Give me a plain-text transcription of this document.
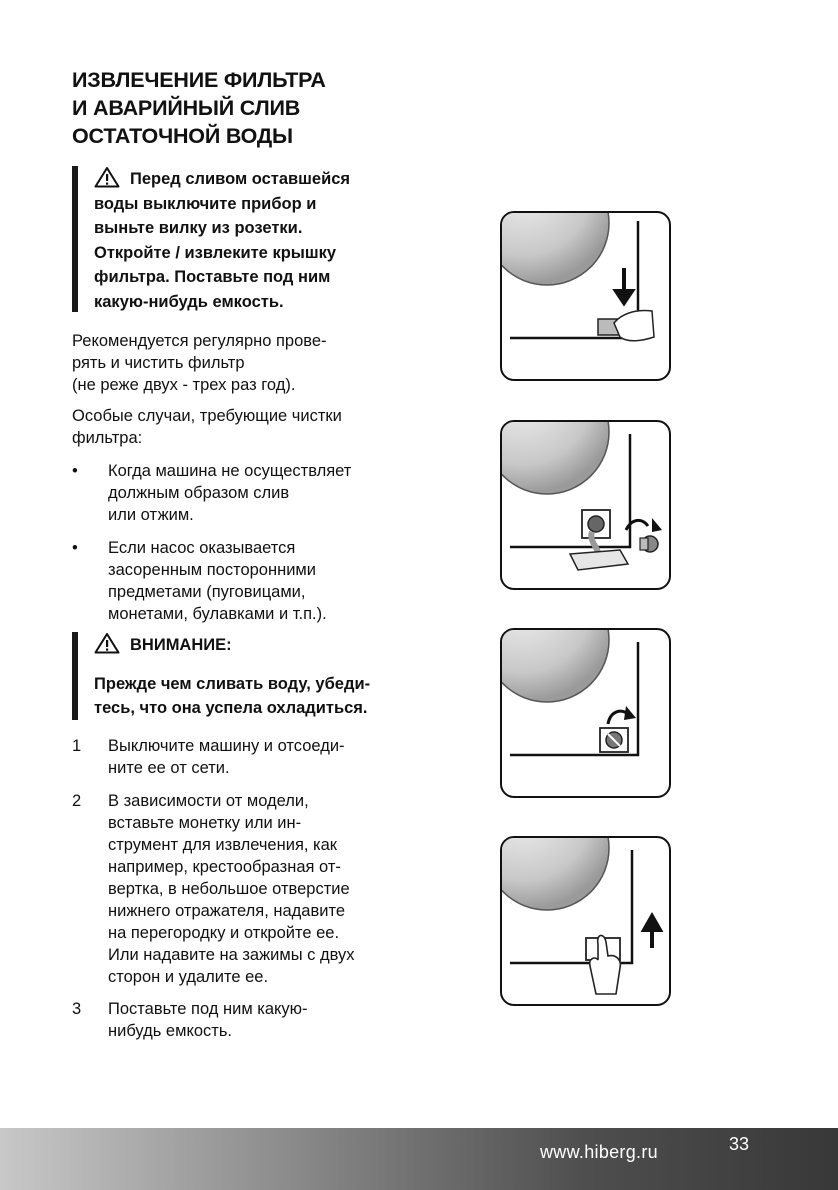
ИЗВЛЕЧЕНИЕ ФИЛЬТРА
И АВАРИЙНЫЙ СЛИВ
ОСТАТОЧНОЙ ВОДЫ
Перед сливом оставшейся
воды выключите прибор и
выньте вилку из розетки.
Откройте / извлеките крышку
фильтра. Поставьте под ним
какую-нибудь емкость.

Рекомендуется регулярно прове-
рять и чистить фильтр
(не реже двух - трех раз год).

Особые случаи, требующие чистки
фильтра:

•	Когда машина не осуществляет
должным образом слив
или отжим.
•	Если насос оказывается
засоренным посторонними
предметами (пуговицами,
монетами, булавками и т.п.).
ВНИМАНИЕ:
Прежде чем сливать воду, убеди-
тесь, что она успела охладиться.
1	Выключите машину и отсоеди-
ните ее от сети.
2	В зависимости от модели,
вставьте монетку или ин-
струмент для извлечения, как
например, крестообразная от-
вертка, в небольшое отверстие
нижнего отражателя, надавите
на перегородку и откройте ее.
Или надавите на зажимы с двух
сторон и удалите ее.
3	Поставьте под ним какую-
нибудь емкость.
www.hiberg.ru	33
